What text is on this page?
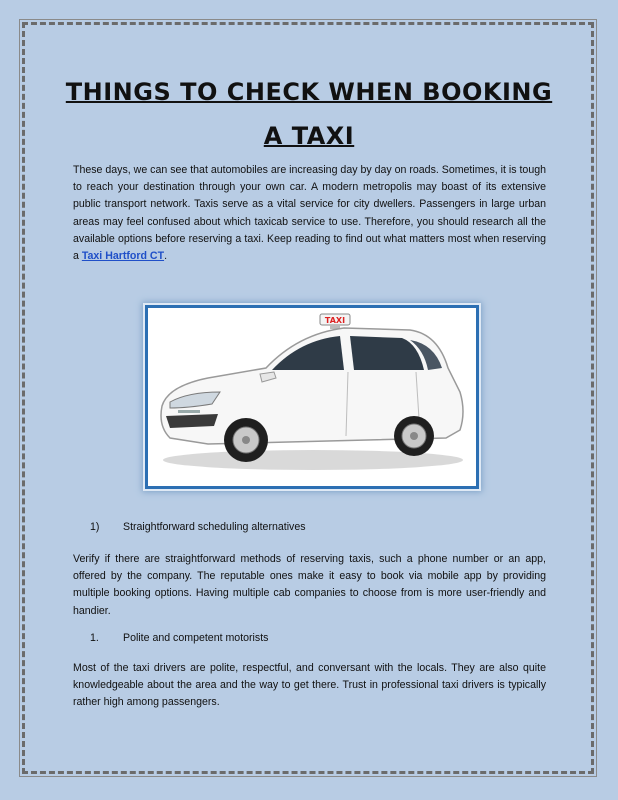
THINGS TO CHECK WHEN BOOKING A TAXI

These days, we can see that automobiles are increasing day by day on roads. Sometimes, it is tough to reach your destination through your own car. A modern metropolis may boast of its extensive public transport network. Taxis serve as a vital service for city dwellers. Passengers in large urban areas may feel confused about which taxicab service to use. Therefore, you should research all the available options before reserving a taxi. Keep reading to find out what matters most when reserving a Taxi Hartford CT.

TAXI
1) Straightforward scheduling alternatives

Verify if there are straightforward methods of reserving taxis, such a phone number or an app, offered by the company. The reputable ones make it easy to book via mobile app by providing multiple booking options. Having multiple cab companies to choose from is more user-friendly and handier.

1. Polite and competent motorists

Most of the taxi drivers are polite, respectful, and conversant with the locals. They are also quite knowledgeable about the area and the way to get there. Trust in professional taxi drivers is typically rather high among passengers.
